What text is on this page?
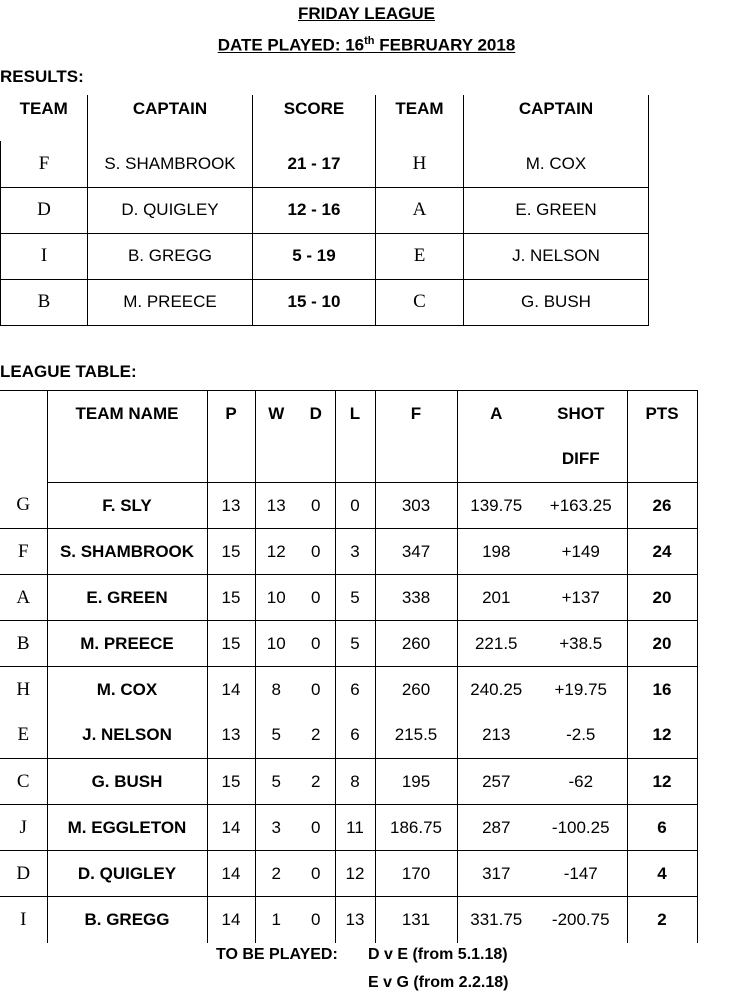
FRIDAY LEAGUE
DATE PLAYED: 16th FEBRUARY 2018
RESULTS:
TEAM	CAPTAIN	SCORE	TEAM	CAPTAIN
F	S. SHAMBROOK	21 - 17	H	M. COX
D	D. QUIGLEY	12 - 16	A	E. GREEN
I	B. GREGG	5 - 19	E	J. NELSON
B	M. PREECE	15 - 10	C	G. BUSH
LEAGUE TABLE:
	TEAM NAME	P	W	D	L	F	A	SHOT	PTS
								DIFF	
G	F. SLY	13	13	0	0	303	139.75	+163.25	26
F	S. SHAMBROOK	15	12	0	3	347	198	+149	24
A	E. GREEN	15	10	0	5	338	201	+137	20
B	M. PREECE	15	10	0	5	260	221.5	+38.5	20
H	M. COX	14	8	0	6	260	240.25	+19.75	16
E	J. NELSON	13	5	2	6	215.5	213	-2.5	12
C	G. BUSH	15	5	2	8	195	257	-62	12
J	M. EGGLETON	14	3	0	11	186.75	287	-100.25	6
D	D. QUIGLEY	14	2	0	12	170	317	-147	4
I	B. GREGG	14	1	0	13	131	331.75	-200.75	2
TO BE PLAYED: D v E (from 5.1.18)
E v G (from 2.2.18)
